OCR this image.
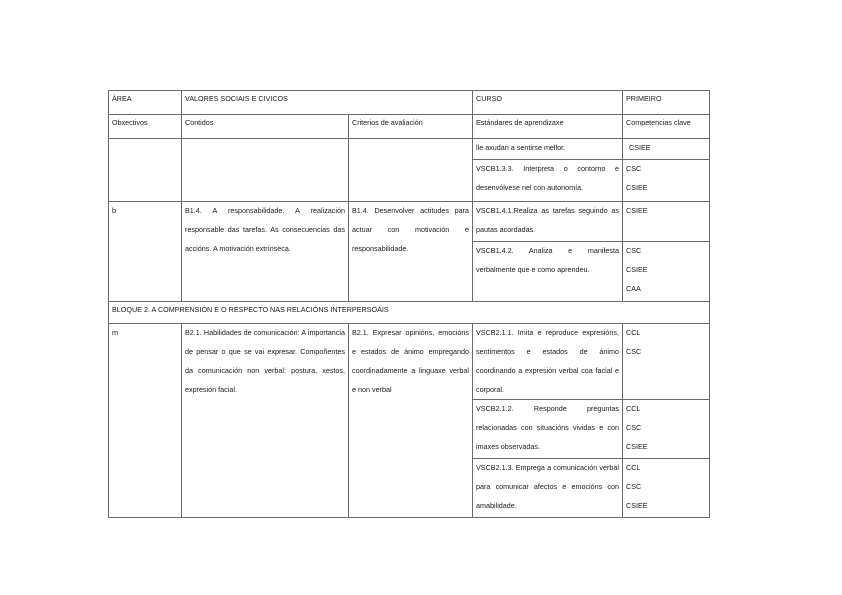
ÁREA	VALORES SOCIAIS E CIVICOS		CURSO	PRIMEIRO
Obxectivos	Contidos	Criterios de avaliación	Estándares de aprendizaxe	Competencias clave

			lle axudan a sentirse mellor.	CSIEE

			VSCB1.3.3. Interpreta o contorno e desenvólvese nel con autonomía.	CSC
CSIEE

b	B1.4. A responsabilidade. A realización responsable das tarefas. As consecuencias das accións. A motivación extrínseca.	B1.4. Desenvolver actitudes para actuar con motivación e responsabilidade.	VSCB1.4.1.Realiza as tarefas seguindo as pautas acordadas.	CSIEE

			VSCB1.4.2. Analiza e manifesta verbalmente que e como aprendeu.	CSC
CSIEE
CAA

BLOQUE 2. A COMPRENSIÓN E O RESPECTO NAS RELACIÓNS INTERPERSOAIS				

m	B2.1. Habilidades de comunicación: A importancia de pensar o que se vai expresar. Compoñentes da comunicación non verbal: postura, xestos, expresión facial.	B2.1. Expresar opinións, emocións e estados de ánimo empregando coordinadamente a linguaxe verbal e non verbal	VSCB2.1.1. Imita e reproduce expresións, sentimentos e estados de ánimo coordinando a expresión verbal coa facial e corporal.	CCL
CSC

			VSCB2.1.2. Responde preguntas relacionadas con situacións vividas e con imaxes observadas.	CCL
CSC
CSIEE

			VSCB2.1.3. Emprega a comunicación verbal para comunicar afectos e emocións con amabilidade.	CCL
CSC
CSIEE
